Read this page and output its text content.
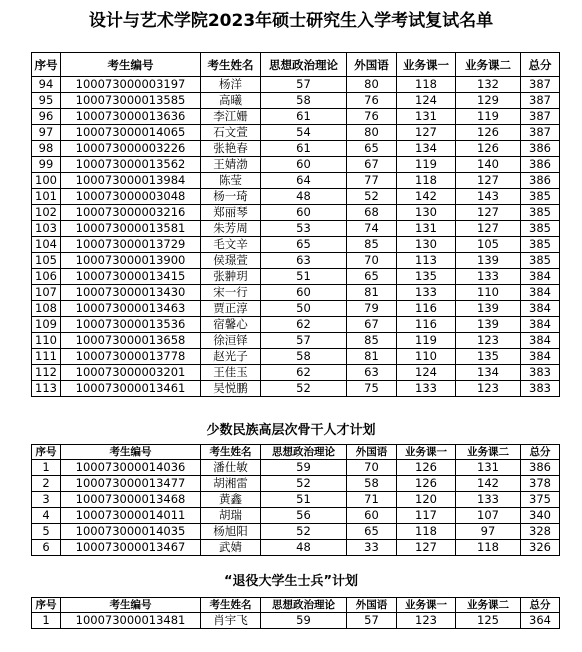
设计与艺术学院2023年硕士研究生入学考试复试名单
序号	考生编号	考生姓名	思想政治理论	外国语	业务课一	业务课二	总分
94	100073000003197	杨洋	57	80	118	132	387
95	100073000013585	高曦	58	76	124	129	387
96	100073000013636	李江姗	61	76	131	119	387
97	100073000014065	石文萱	54	80	127	126	387
98	100073000003226	张艳春	61	65	134	126	386
99	100073000013562	王婧渤	60	67	119	140	386
100	100073000013984	陈莹	64	77	118	127	386
101	100073000003048	杨一琦	48	52	142	143	385
102	100073000003216	郑丽琴	60	68	130	127	385
103	100073000013581	朱芳周	53	74	131	127	385
104	100073000013729	毛文辛	65	85	130	105	385
105	100073000013900	侯璟萱	63	70	113	139	385
106	100073000013415	张翀玥	51	65	135	133	384
107	100073000013430	宋一行	60	81	133	110	384
108	100073000013463	贾正淳	50	79	116	139	384
109	100073000013536	宿馨心	62	67	116	139	384
110	100073000013658	徐洹铎	57	85	119	123	384
111	100073000013778	赵光子	58	81	110	135	384
112	100073000003201	王佳玉	62	63	124	134	383
113	100073000013461	吴悦鹏	52	75	133	123	383
少数民族高层次骨干人才计划
序号	考生编号	考生姓名	思想政治理论	外国语	业务课一	业务课二	总分
1	100073000014036	潘仕敏	59	70	126	131	386
2	100073000013477	胡湘雷	52	58	126	142	378
3	100073000013468	黄鑫	51	71	120	133	375
4	100073000014011	胡瑞	56	60	117	107	340
5	100073000014035	杨旭阳	52	65	118	97	328
6	100073000013467	武婧	48	33	127	118	326
“退役大学生士兵”计划
序号	考生编号	考生姓名	思想政治理论	外国语	业务课一	业务课二	总分
1	100073000013481	肖宇飞	59	57	123	125	364
